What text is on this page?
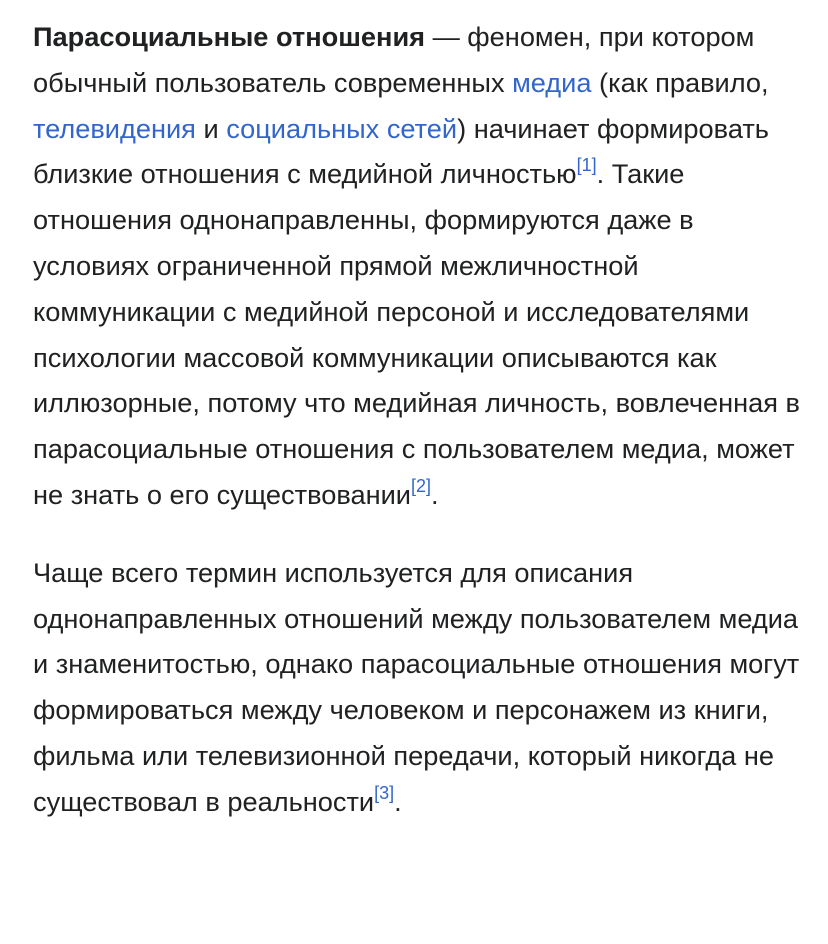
Парасоциальные отношения — феномен, при котором обычный пользователь современных медиа (как правило, телевидения и социальных сетей) начинает формировать близкие отношения с медийной личностью[1]. Такие отношения однонаправленны, формируются даже в условиях ограниченной прямой межличностной коммуникации с медийной персоной и исследователями психологии массовой коммуникации описываются как иллюзорные, потому что медийная личность, вовлеченная в парасоциальные отношения с пользователем медиа, может не знать о его существовании[2].

Чаще всего термин используется для описания однонаправленных отношений между пользователем медиа и знаменитостью, однако парасоциальные отношения могут формироваться между человеком и персонажем из книги, фильма или телевизионной передачи, который никогда не существовал в реальности[3].
